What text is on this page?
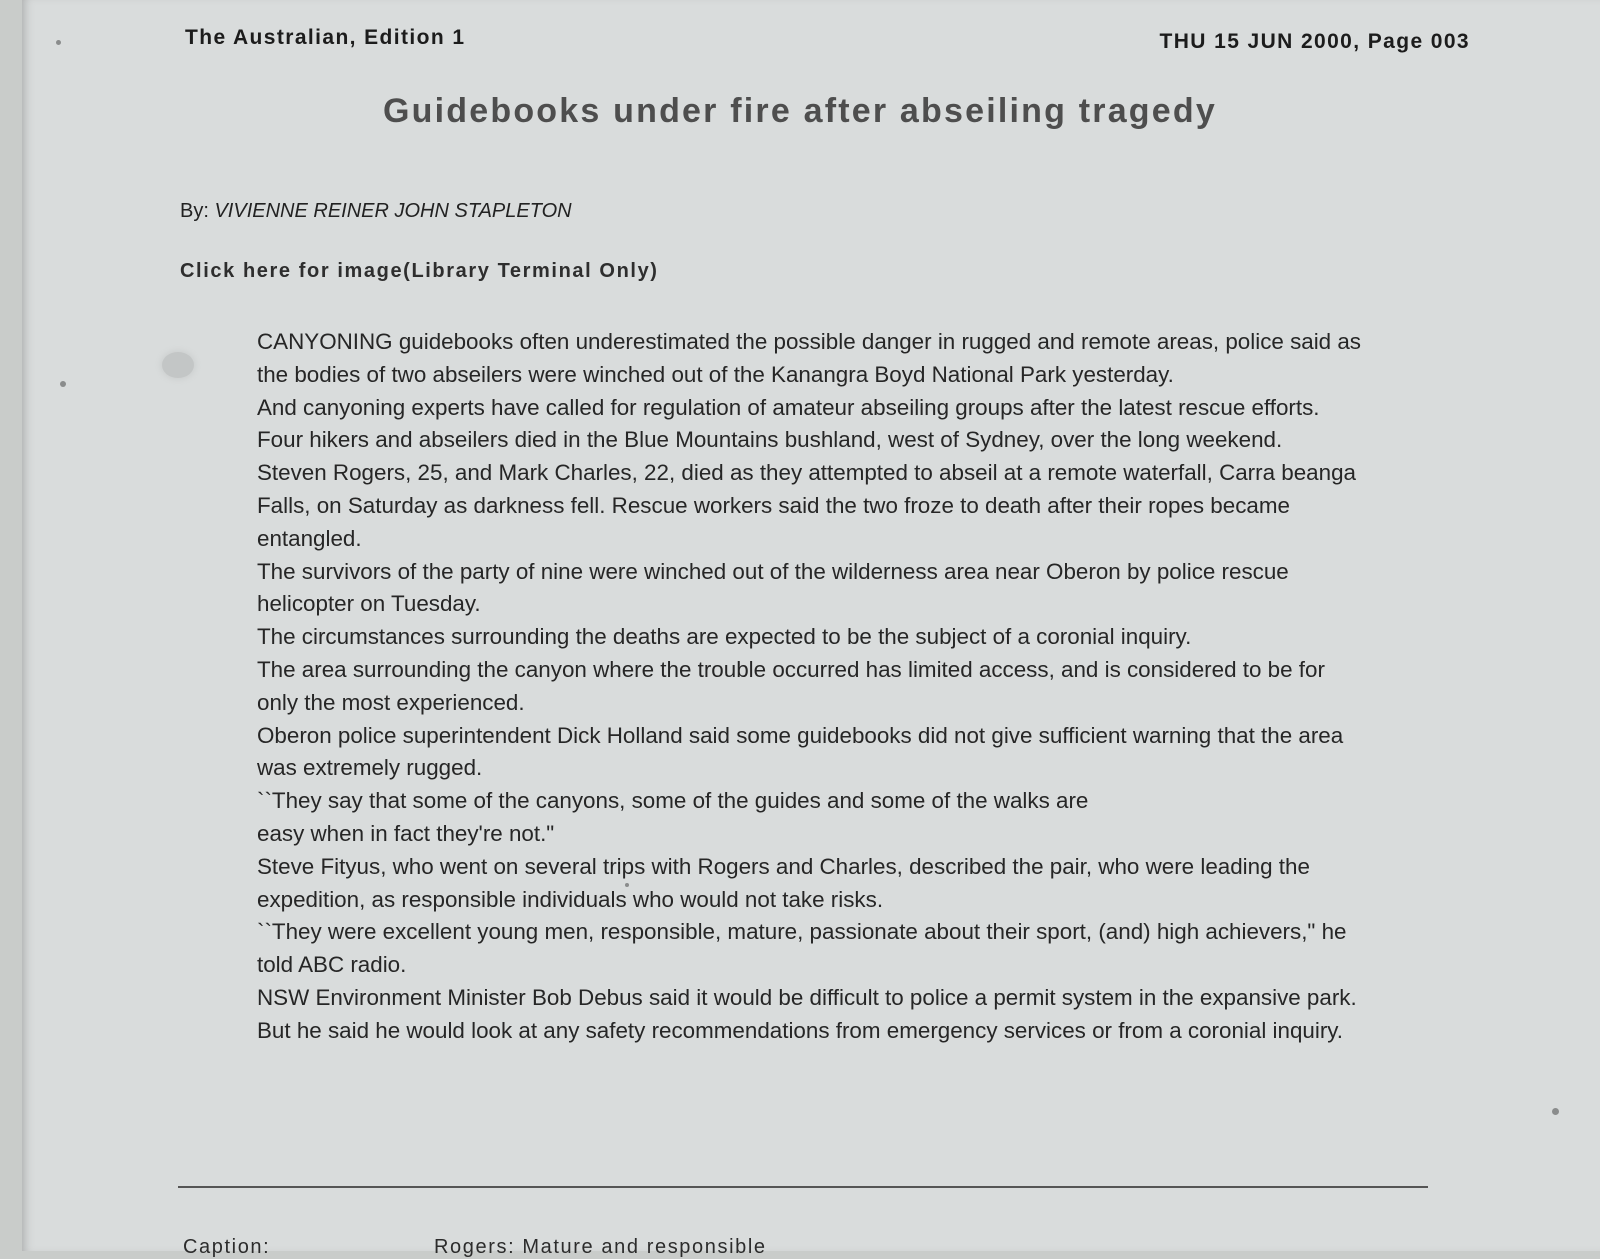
The Australian, Edition 1	THU 15 JUN 2000, Page 003
Guidebooks under fire after abseiling tragedy
By: VIVIENNE REINER JOHN STAPLETON
Click here for image(Library Terminal Only)

CANYONING guidebooks often underestimated the possible danger in rugged and remote areas, police said as the bodies of two abseilers were winched out of the Kanangra Boyd National Park yesterday.

And canyoning experts have called for regulation of amateur abseiling groups after the latest rescue efforts. Four hikers and abseilers died in the Blue Mountains bushland, west of Sydney, over the long weekend.

Steven Rogers, 25, and Mark Charles, 22, died as they attempted to abseil at a remote waterfall, Carra beanga Falls, on Saturday as darkness fell. Rescue workers said the two froze to death after their ropes became entangled.

The survivors of the party of nine were winched out of the wilderness area near Oberon by police rescue helicopter on Tuesday.

The circumstances surrounding the deaths are expected to be the subject of a coronial inquiry.

The area surrounding the canyon where the trouble occurred has limited access, and is considered to be for only the most experienced.

Oberon police superintendent Dick Holland said some guidebooks did not give sufficient warning that the area was extremely rugged.

``They say that some of the canyons, some of the guides and some of the walks are

easy when in fact they're not."

Steve Fityus, who went on several trips with Rogers and Charles, described the pair, who were leading the expedition, as responsible individuals who would not take risks.

``They were excellent young men, responsible, mature, passionate about their sport, (and) high achievers," he told ABC radio.

NSW Environment Minister Bob Debus said it would be difficult to police a permit system in the expansive park.

But he said he would look at any safety recommendations from emergency services or from a coronial inquiry.

Caption:	Rogers: Mature and responsible
